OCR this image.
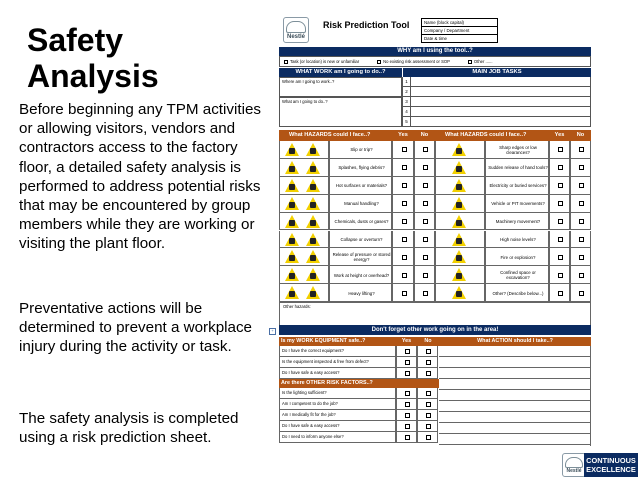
Safety
Analysis
Before beginning any TPM activities or allowing visitors, vendors and contractors access to the factory floor, a detailed safety analysis is performed to address potential risks that may be encountered by group members while they are working or visiting the plant floor.
Preventative actions will be determined to prevent a workplace injury during the activity or task.
The safety analysis is completed using a risk prediction sheet.
+
Nestlé
Risk Prediction Tool	Name (block capital)
Company / Department
Date & time
WHY am I using the tool..?
Task (or location) is new or unfamiliar	No existing risk assessment or SOP	Other ......
WHAT WORK am I going to do..?	MAIN JOB TASKS
Where am I going to work..?
What am I going to do..?
1
2
3
4
5
What HAZARDS could I face..?	Yes	No	What HAZARDS could I face..?	Yes	No
Slip or trip?	Sharp edges or low clearances?
Splashes, flying debris?	Sudden release of hand tools?
Hot surfaces or materials?	Electricity or buried services?
Manual handling?	Vehicle or PIT movements?
Chemicals, dusts or gases?	Machinery movement?
Collapse or overturn?	High noise levels?
Release of pressure or stored energy?	Fire or explosion?
Work at height or overhead?	Confined space or excavation?
Heavy lifting?	Other? (Describe below...)
Other hazards:
Don't forget other work going on in the area!
Is my WORK EQUIPMENT safe..?	Yes	No	What ACTION should I take..?
Do I have the correct equipment?
Is the equipment inspected & free from defect?
Do I have safe & easy access?
Are there OTHER RISK FACTORS..?
Is the lighting sufficient?
Am I competent to do the job?
Am I medically fit for the job?
Do I have safe & easy access?
Do I need to inform anyone else?
Nestlé
CONTINUOUS
EXCELLENCE
